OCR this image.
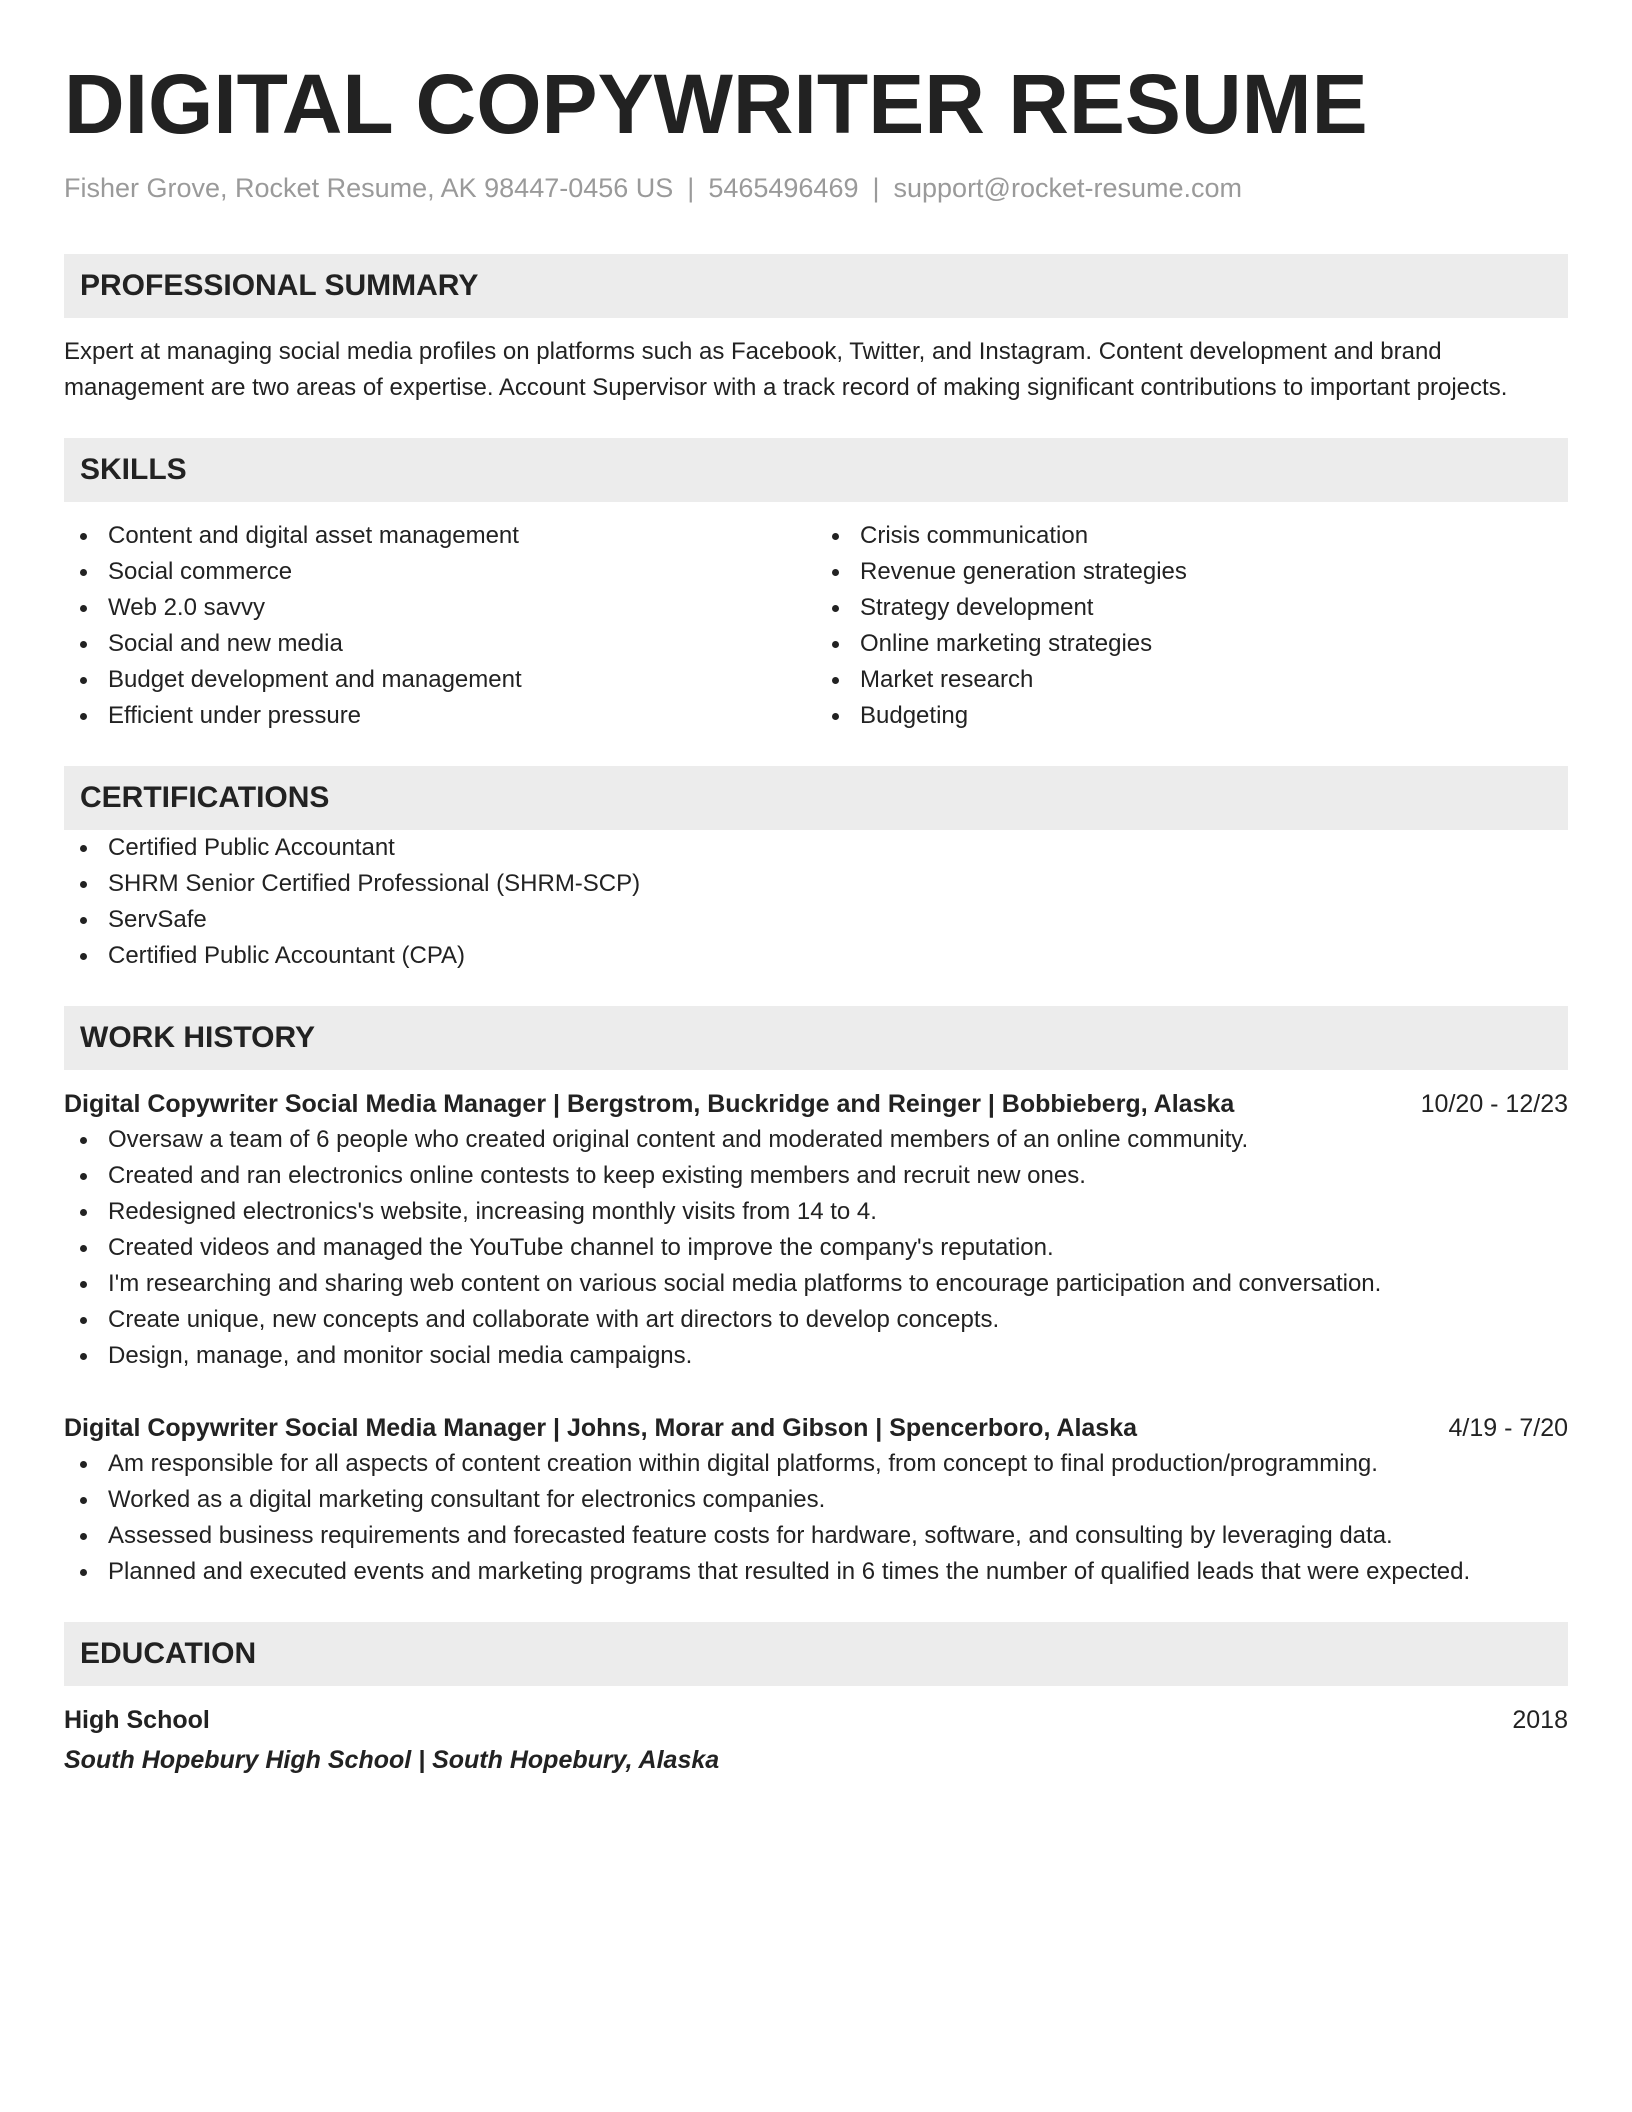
DIGITAL COPYWRITER RESUME
Fisher Grove, Rocket Resume, AK 98447-0456 US | 5465496469 | support@rocket-resume.com
PROFESSIONAL SUMMARY

Expert at managing social media profiles on platforms such as Facebook, Twitter, and Instagram. Content development and brand management are two areas of expertise. Account Supervisor with a track record of making significant contributions to important projects.

SKILLS
Content and digital asset management
Social commerce
Web 2.0 savvy
Social and new media
Budget development and management
Efficient under pressure
Crisis communication
Revenue generation strategies
Strategy development
Online marketing strategies
Market research
Budgeting
CERTIFICATIONS
Certified Public Accountant
SHRM Senior Certified Professional (SHRM-SCP)
ServSafe
Certified Public Accountant (CPA)
WORK HISTORY
Digital Copywriter Social Media Manager | Bergstrom, Buckridge and Reinger | Bobbieberg, Alaska	10/20 - 12/23
Oversaw a team of 6 people who created original content and moderated members of an online community.
Created and ran electronics online contests to keep existing members and recruit new ones.
Redesigned electronics's website, increasing monthly visits from 14 to 4.
Created videos and managed the YouTube channel to improve the company's reputation.
I'm researching and sharing web content on various social media platforms to encourage participation and conversation.
Create unique, new concepts and collaborate with art directors to develop concepts.
Design, manage, and monitor social media campaigns.
Digital Copywriter Social Media Manager | Johns, Morar and Gibson | Spencerboro, Alaska	4/19 - 7/20
Am responsible for all aspects of content creation within digital platforms, from concept to final production/programming.
Worked as a digital marketing consultant for electronics companies.
Assessed business requirements and forecasted feature costs for hardware, software, and consulting by leveraging data.
Planned and executed events and marketing programs that resulted in 6 times the number of qualified leads that were expected.
EDUCATION
High School	2018
South Hopebury High School | South Hopebury, Alaska
